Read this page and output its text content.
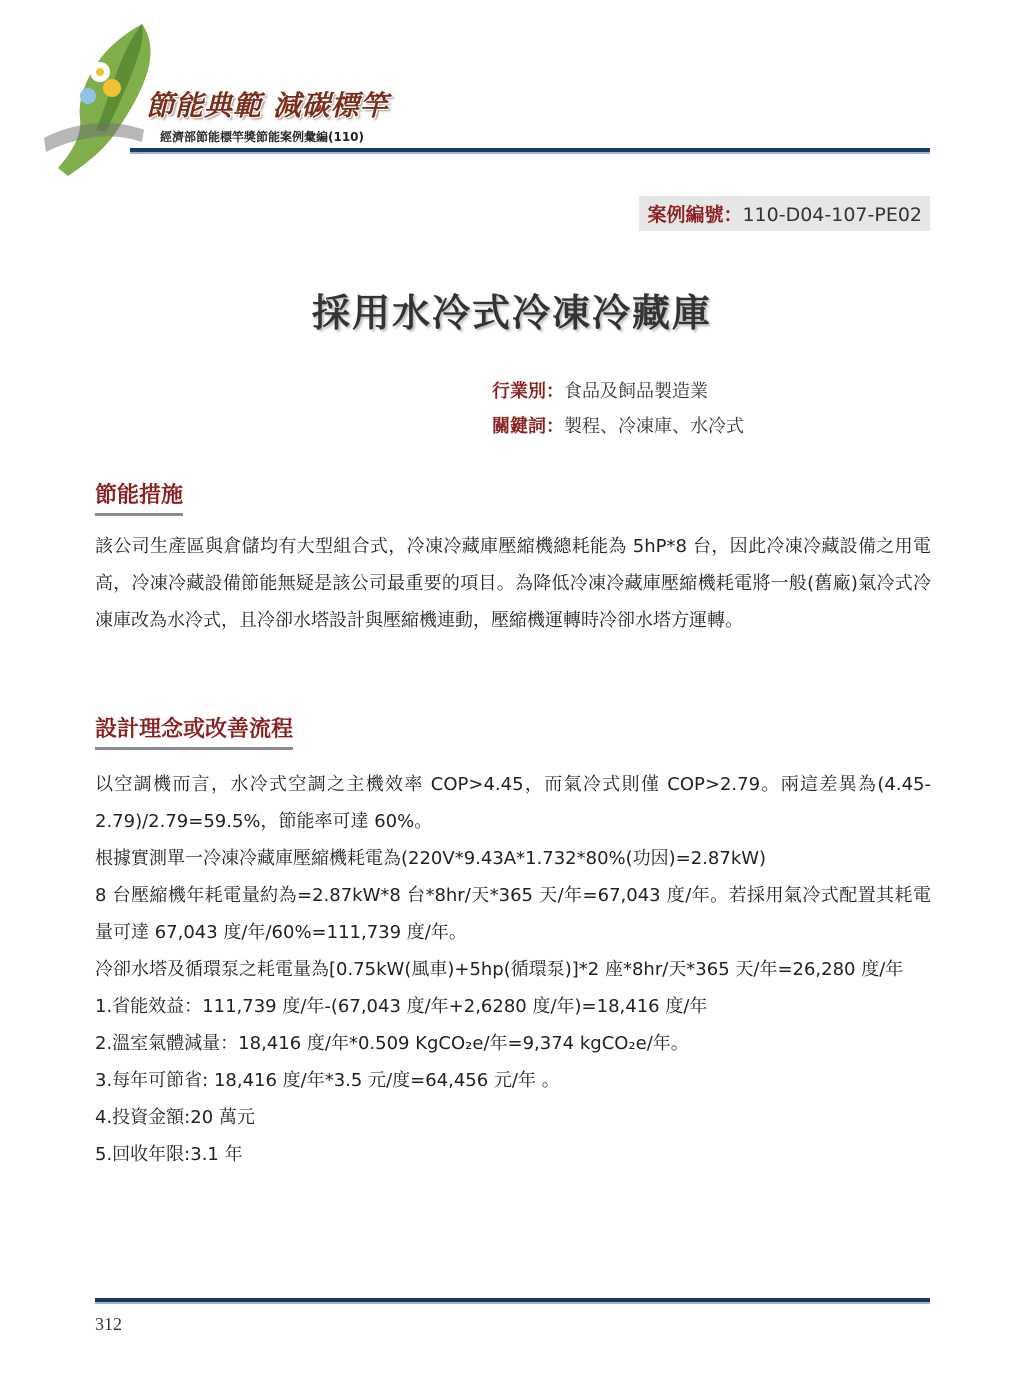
節能典範 減碳標竿
經濟部節能標竿獎節能案例彙編(110)
案例編號：110-D04-107-PE02
採用水冷式冷凍冷藏庫
行業別：食品及飼品製造業
關鍵詞：製程、冷凍庫、水冷式
節能措施

該公司生產區與倉儲均有大型組合式，冷凍冷藏庫壓縮機總耗能為 5hP*8 台，因此冷凍冷藏設備之用電高，冷凍冷藏設備節能無疑是該公司最重要的項目。為降低冷凍冷藏庫壓縮機耗電將一般(舊廠)氣冷式冷凍庫改為水冷式，且冷卻水塔設計與壓縮機連動，壓縮機運轉時冷卻水塔方運轉。

設計理念或改善流程

以空調機而言，水冷式空調之主機效率 COP>4.45，而氣冷式則僅 COP>2.79。兩這差異為(4.45-2.79)/2.79=59.5%，節能率可達 60%。

根據實測單一冷凍冷藏庫壓縮機耗電為(220V*9.43A*1.732*80%(功因)=2.87kW)

8 台壓縮機年耗電量約為=2.87kW*8 台*8hr/天*365 天/年=67,043 度/年。若採用氣冷式配置其耗電量可達 67,043 度/年/60%=111,739 度/年。

冷卻水塔及循環泵之耗電量為[0.75kW(風車)+5hp(循環泵)]*2 座*8hr/天*365 天/年=26,280 度/年

1.省能效益：111,739 度/年-(67,043 度/年+2,6280 度/年)=18,416 度/年

2.溫室氣體減量：18,416 度/年*0.509 KgCO₂e/年=9,374 kgCO₂e/年。

3.每年可節省: 18,416 度/年*3.5 元/度=64,456 元/年 。

4.投資金額:20 萬元

5.回收年限:3.1 年

312
